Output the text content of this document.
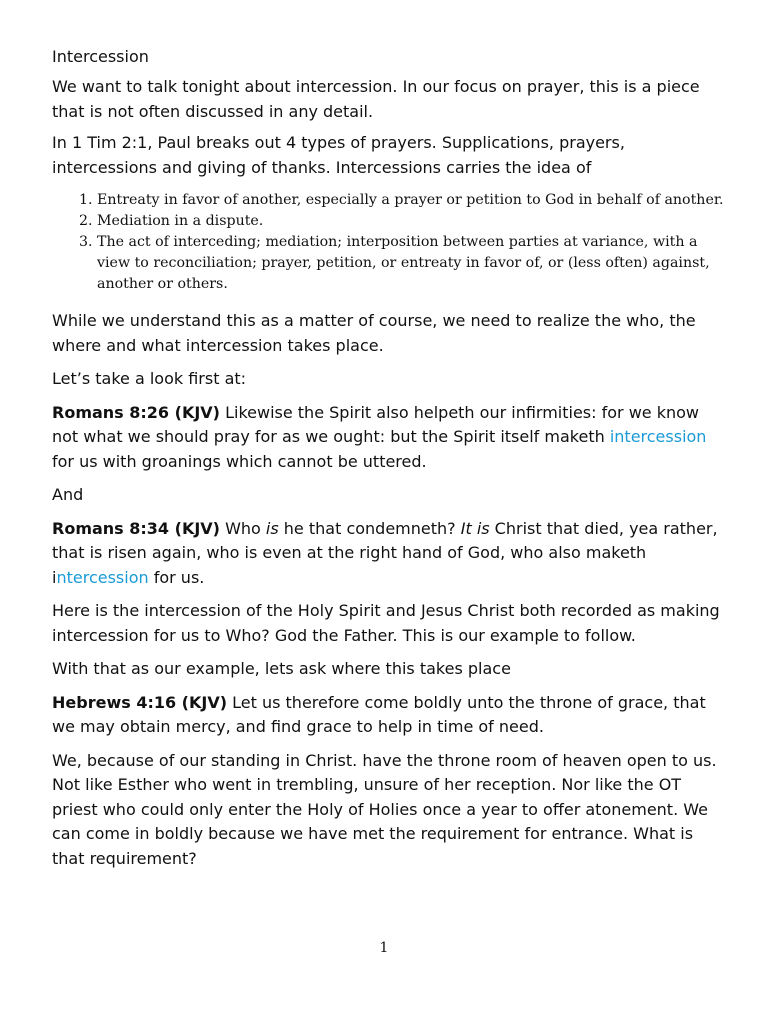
Intercession

We want to talk tonight about intercession. In our focus on prayer, this is a piece that is not often discussed in any detail.

In 1 Tim 2:1, Paul breaks out 4 types of prayers. Supplications, prayers, intercessions and giving of thanks. Intercessions carries the idea of

1. Entreaty in favor of another, especially a prayer or petition to God in behalf of another.
2. Mediation in a dispute.
3. The act of interceding; mediation; interposition between parties at variance, with a view to reconciliation; prayer, petition, or entreaty in favor of, or (less often) against, another or others.

While we understand this as a matter of course, we need to realize the who, the where and what intercession takes place.

Let’s take a look first at:

Romans 8:26 (KJV) Likewise the Spirit also helpeth our infirmities: for we know not what we should pray for as we ought: but the Spirit itself maketh intercession for us with groanings which cannot be uttered.

And

Romans 8:34 (KJV) Who is he that condemneth? It is Christ that died, yea rather, that is risen again, who is even at the right hand of God, who also maketh intercession for us.

Here is the intercession of the Holy Spirit and Jesus Christ both recorded as making intercession for us to Who? God the Father. This is our example to follow.

With that as our example, lets ask where this takes place

Hebrews 4:16 (KJV) Let us therefore come boldly unto the throne of grace, that we may obtain mercy, and find grace to help in time of need.

We, because of our standing in Christ. have the throne room of heaven open to us. Not like Esther who went in trembling, unsure of her reception. Nor like the OT priest who could only enter the Holy of Holies once a year to offer atonement. We can come in boldly because we have met the requirement for entrance. What is that requirement?

1
